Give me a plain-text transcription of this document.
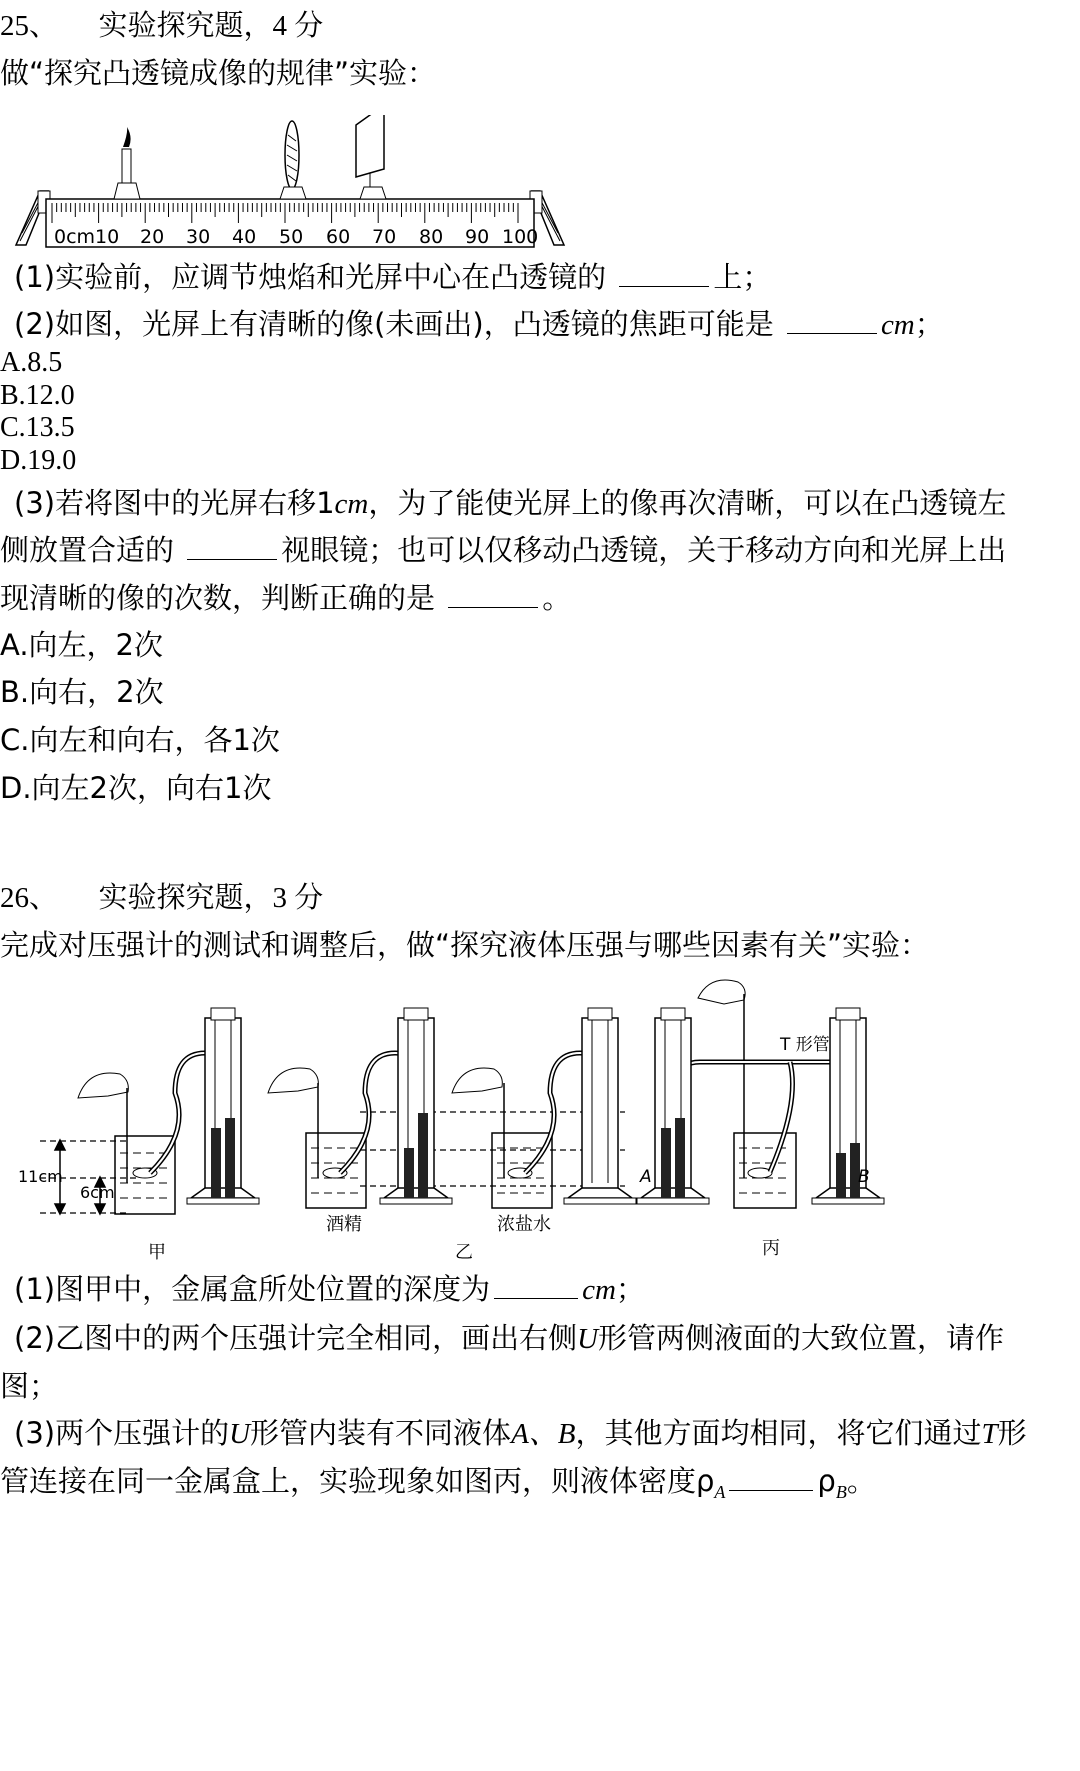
25、 实验探究题，4 分
做“探究凸透镜成像的规律”实验：
0cm10 20 30 40 50 60 70 80 90 100
(1)实验前，应调节烛焰和光屏中心在凸透镜的	上；
(2)如图，光屏上有清晰的像(未画出)，凸透镜的焦距可能是	cm；
A.8.5
B.12.0
C.13.5
D.19.0
(3)若将图中的光屏右移1cm，为了能使光屏上的像再次清晰，可以在凸透镜左
侧放置合适的	视眼镜；也可以仅移动凸透镜，关于移动方向和光屏上出
现清晰的像的次数，判断正确的是	。
A.向左，2次
B.向右，2次
C.向左和向右，各1次
D.向左2次，向右1次
26、 实验探究题，3 分
完成对压强计的测试和调整后，做“探究液体压强与哪些因素有关”实验：
11cm
6cm
酒精	浓盐水
T 形管
A	B
甲	乙	丙
(1)图甲中，金属盒所处位置的深度为	cm；
(2)乙图中的两个压强计完全相同，画出右侧U形管两侧液面的大致位置，请作
图；
(3)两个压强计的U形管内装有不同液体A、B，其他方面均相同，将它们通过T形
管连接在同一金属盒上，实验现象如图丙，则液体密度$\rho_A$	$\rho_B$。
